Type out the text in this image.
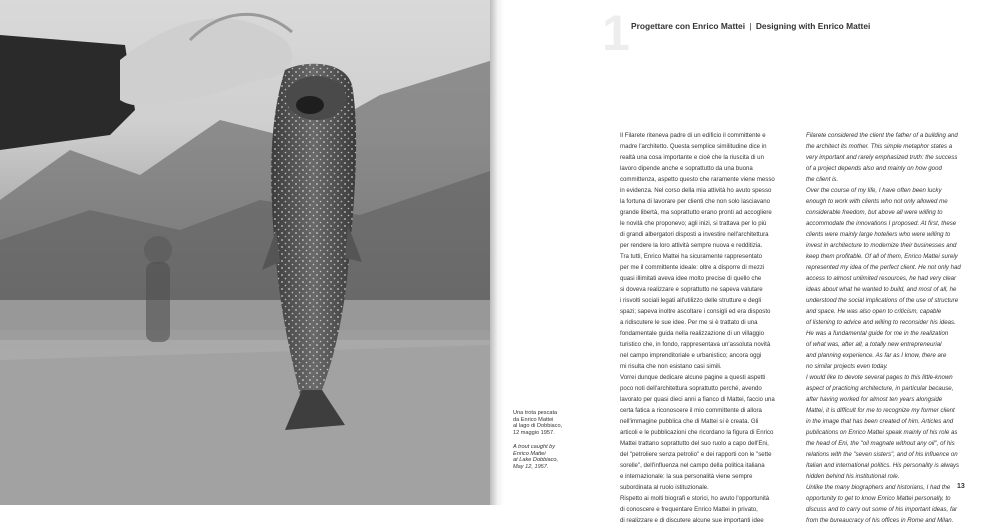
Una trota pescata
da Enrico Mattei
al lago di Dobbiaco,
12 maggio 1957.
A trout caught by
Enrico Mattei
at Lake Dobbiaco,
May 12, 1957.
1 Progettare con Enrico Mattei | Designing with Enrico Mattei
Il Filarete riteneva padre di un edificio il committente e
madre l'architetto. Questa semplice similitudine dice in
realtà una cosa importante e cioè che la riuscita di un
lavoro dipende anche e soprattutto da una buona
committenza, aspetto questo che raramente viene messo
in evidenza. Nel corso della mia attività ho avuto spesso
la fortuna di lavorare per clienti che non solo lasciavano
grande libertà, ma soprattutto erano pronti ad accogliere
le novità che proponevo; agli inizi, si trattava per lo più
di grandi albergatori disposti a investire nell'architettura
per rendere la loro attività sempre nuova e redditizia.
Tra tutti, Enrico Mattei ha sicuramente rappresentato
per me il committente ideale: oltre a disporre di mezzi
quasi illimitati aveva idee molto precise di quello che
si doveva realizzare e soprattutto ne sapeva valutare
i risvolti sociali legati all'utilizzo delle strutture e degli
spazi; sapeva inoltre ascoltare i consigli ed era disposto
a ridiscutere le sue idee. Per me si è trattato di una
fondamentale guida nella realizzazione di un villaggio
turistico che, in fondo, rappresentava un'assoluta novità
nel campo imprenditoriale e urbanistico; ancora oggi
mi risulta che non esistano casi simili.
Vorrei dunque dedicare alcune pagine a questi aspetti
poco noti dell'architettura soprattutto perché, avendo
lavorato per quasi dieci anni a fianco di Mattei, faccio una
certa fatica a riconoscere il mio committente di allora
nell'immagine pubblica che di Mattei si è creata. Gli
articoli e le pubblicazioni che ricordano la figura di Enrico
Mattei trattano soprattutto del suo ruolo a capo dell'Eni,
del "petroliere senza petrolio" e dei rapporti con le "sette
sorelle", dell'influenza nel campo della politica italiana
e internazionale: la sua personalità viene sempre
subordinata al ruolo istituzionale.
Rispetto ai molti biografi e storici, ho avuto l'opportunità
di conoscere e frequentare Enrico Mattei in privato,
di realizzare e di discutere alcune sue importanti idee
Filarete considered the client the father of a building and
the architect its mother. This simple metaphor states a
very important and rarely emphasized truth: the success
of a project depends also and mainly on how good
the client is.
Over the course of my life, I have often been lucky
enough to work with clients who not only allowed me
considerable freedom, but above all were willing to
accommodate the innovations I proposed. At first, these
clients were mainly large hoteliers who were willing to
invest in architecture to modernize their businesses and
keep them profitable. Of all of them, Enrico Mattei surely
represented my idea of the perfect client. He not only had
access to almost unlimited resources, he had very clear
ideas about what he wanted to build, and most of all, he
understood the social implications of the use of structure
and space. He was also open to criticism, capable
of listening to advice and willing to reconsider his ideas.
He was a fundamental guide for me in the realization
of what was, after all, a totally new entrepreneurial
and planning experience. As far as I know, there are
no similar projects even today.
I would like to devote several pages to this little-known
aspect of practicing architecture, in particular because,
after having worked for almost ten years alongside
Mattei, it is difficult for me to recognize my former client
in the image that has been created of him. Articles and
publications on Enrico Mattei speak mainly of his role as
the head of Eni, the "oil magnate without any oil", of his
relations with the "seven sisters", and of his influence on
Italian and international politics. His personality is always
hidden behind his institutional role.
Unlike the many biographers and historians, I had the
opportunity to get to know Enrico Mattei personally, to
discuss and to carry out some of his important ideas, far
from the bureaucracy of his offices in Rome and Milan.
13
